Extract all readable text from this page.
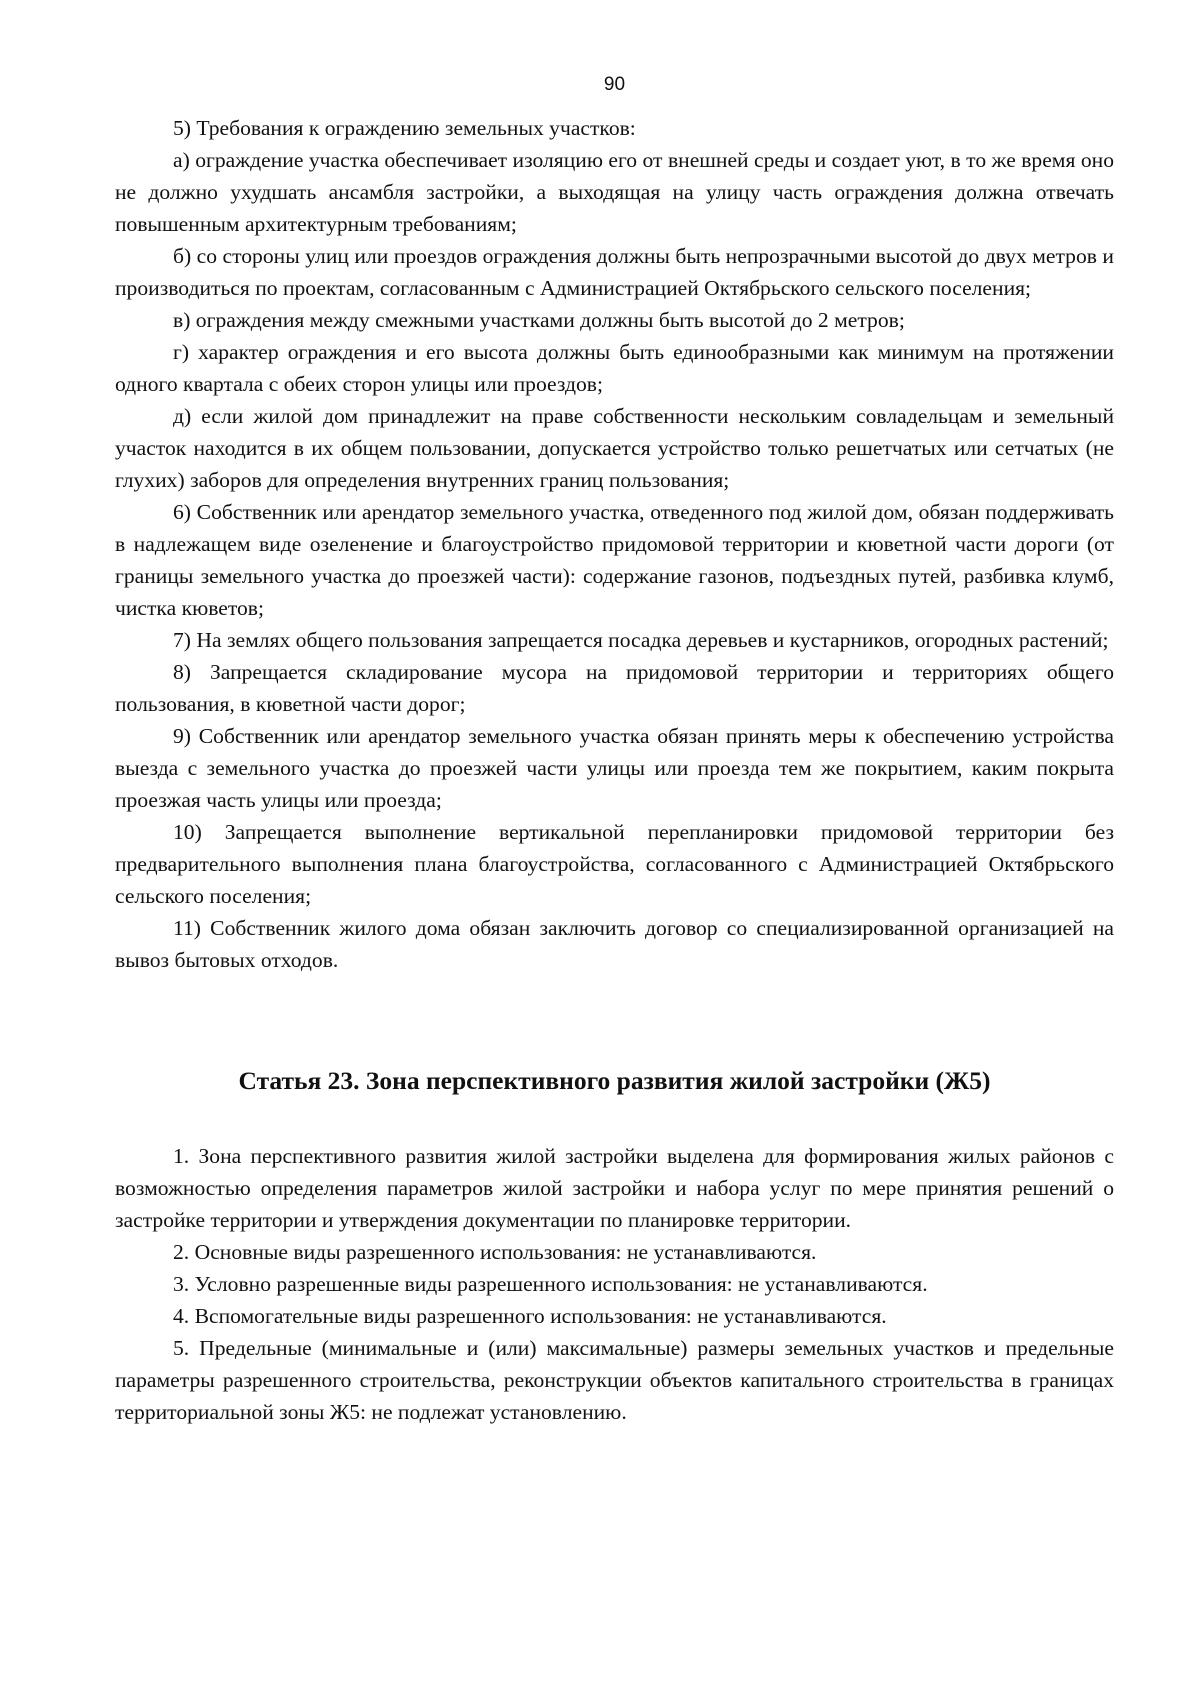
90

5) Требования к ограждению земельных участков:

а) ограждение участка обеспечивает изоляцию его от внешней среды и создает уют, в то же время оно не должно ухудшать ансамбля застройки, а выходящая на улицу часть ограждения должна отвечать повышенным архитектурным требованиям;

б) со стороны улиц или проездов ограждения должны быть непрозрачными высотой до двух метров и производиться по проектам, согласованным с Администрацией Октябрьского сельского поселения;

в) ограждения между смежными участками должны быть высотой до 2 метров;

г) характер ограждения и его высота должны быть единообразными как минимум на протяжении одного квартала с обеих сторон улицы или проездов;

д) если жилой дом принадлежит на праве собственности нескольким совладельцам и земельный участок находится в их общем пользовании, допускается устройство только решетчатых или сетчатых (не глухих) заборов для определения внутренних границ пользования;

6) Собственник или арендатор земельного участка, отведенного под жилой дом, обязан поддерживать в надлежащем виде озеленение и благоустройство придомовой территории и кюветной части дороги (от границы земельного участка до проезжей части): содержание газонов, подъездных путей, разбивка клумб, чистка кюветов;

7) На землях общего пользования запрещается посадка деревьев и кустарников, огородных растений;

8) Запрещается складирование мусора на придомовой территории и территориях общего пользования, в кюветной части дорог;

9) Собственник или арендатор земельного участка обязан принять меры к обеспечению устройства выезда с земельного участка до проезжей части улицы или проезда тем же покрытием, каким покрыта проезжая часть улицы или проезда;

10) Запрещается выполнение вертикальной перепланировки придомовой территории без предварительного выполнения плана благоустройства, согласованного с Администрацией Октябрьского сельского поселения;

11) Собственник жилого дома обязан заключить договор со специализированной организацией на вывоз бытовых отходов.

Статья 23. Зона перспективного развития жилой застройки (Ж5)

1. Зона перспективного развития жилой застройки выделена для формирования жилых районов с возможностью определения параметров жилой застройки и набора услуг по мере принятия решений о застройке территории и утверждения документации по планировке территории.

2. Основные виды разрешенного использования: не устанавливаются.

3. Условно разрешенные виды разрешенного использования: не устанавливаются.

4. Вспомогательные виды разрешенного использования: не устанавливаются.

5. Предельные (минимальные и (или) максимальные) размеры земельных участков и предельные параметры разрешенного строительства, реконструкции объектов капитального строительства в границах территориальной зоны Ж5: не подлежат установлению.
